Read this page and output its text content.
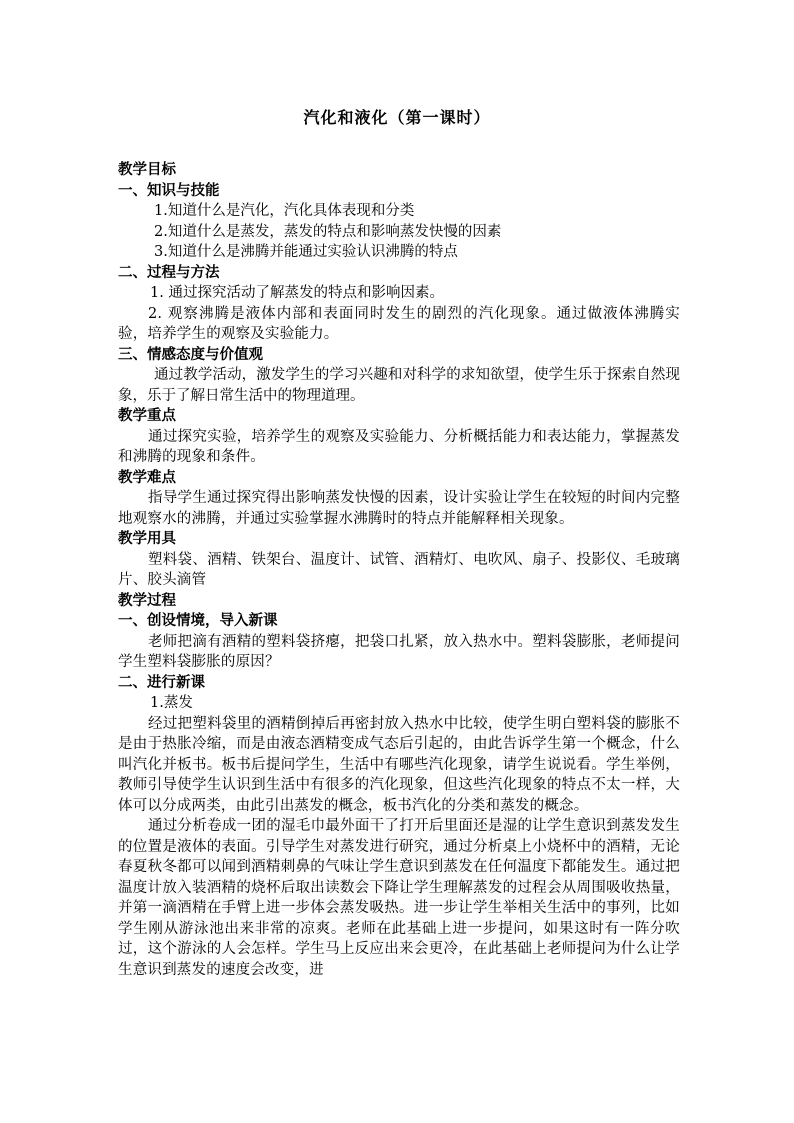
汽化和液化（第一课时）
教学目标
一、知识与技能
1.知道什么是汽化，汽化具体表现和分类
2.知道什么是蒸发，蒸发的特点和影响蒸发快慢的因素
3.知道什么是沸腾并能通过实验认识沸腾的特点
二、过程与方法
1. 通过探究活动了解蒸发的特点和影响因素。
2. 观察沸腾是液体内部和表面同时发生的剧烈的汽化现象。通过做液体沸腾实验，培养学生的观察及实验能力。
三、情感态度与价值观
通过教学活动，激发学生的学习兴趣和对科学的求知欲望，使学生乐于探索自然现象，乐于了解日常生活中的物理道理。
教学重点
通过探究实验，培养学生的观察及实验能力、分析概括能力和表达能力，掌握蒸发和沸腾的现象和条件。
教学难点
指导学生通过探究得出影响蒸发快慢的因素，设计实验让学生在较短的时间内完整地观察水的沸腾，并通过实验掌握水沸腾时的特点并能解释相关现象。
教学用具
塑料袋、酒精、铁架台、温度计、试管、酒精灯、电吹风、扇子、投影仪、毛玻璃片、胶头滴管
教学过程
一、创设情境，导入新课
老师把滴有酒精的塑料袋挤瘪，把袋口扎紧，放入热水中。塑料袋膨胀，老师提问学生塑料袋膨胀的原因？
二、进行新课
1.蒸发
经过把塑料袋里的酒精倒掉后再密封放入热水中比较，使学生明白塑料袋的膨胀不是由于热胀冷缩，而是由液态酒精变成气态后引起的，由此告诉学生第一个概念，什么叫汽化并板书。板书后提问学生，生活中有哪些汽化现象，请学生说说看。学生举例，教师引导使学生认识到生活中有很多的汽化现象，但这些汽化现象的特点不太一样，大体可以分成两类，由此引出蒸发的概念，板书汽化的分类和蒸发的概念。
通过分析卷成一团的湿毛巾最外面干了打开后里面还是湿的让学生意识到蒸发发生的位置是液体的表面。引导学生对蒸发进行研究，通过分析桌上小烧杯中的酒精，无论春夏秋冬都可以闻到酒精刺鼻的气味让学生意识到蒸发在任何温度下都能发生。通过把温度计放入装酒精的烧杯后取出读数会下降让学生理解蒸发的过程会从周围吸收热量，并第一滴酒精在手臂上进一步体会蒸发吸热。进一步让学生举相关生活中的事列，比如学生刚从游泳池出来非常的凉爽。老师在此基础上进一步提问，如果这时有一阵分吹过，这个游泳的人会怎样。学生马上反应出来会更冷，在此基础上老师提问为什么让学生意识到蒸发的速度会改变，进
